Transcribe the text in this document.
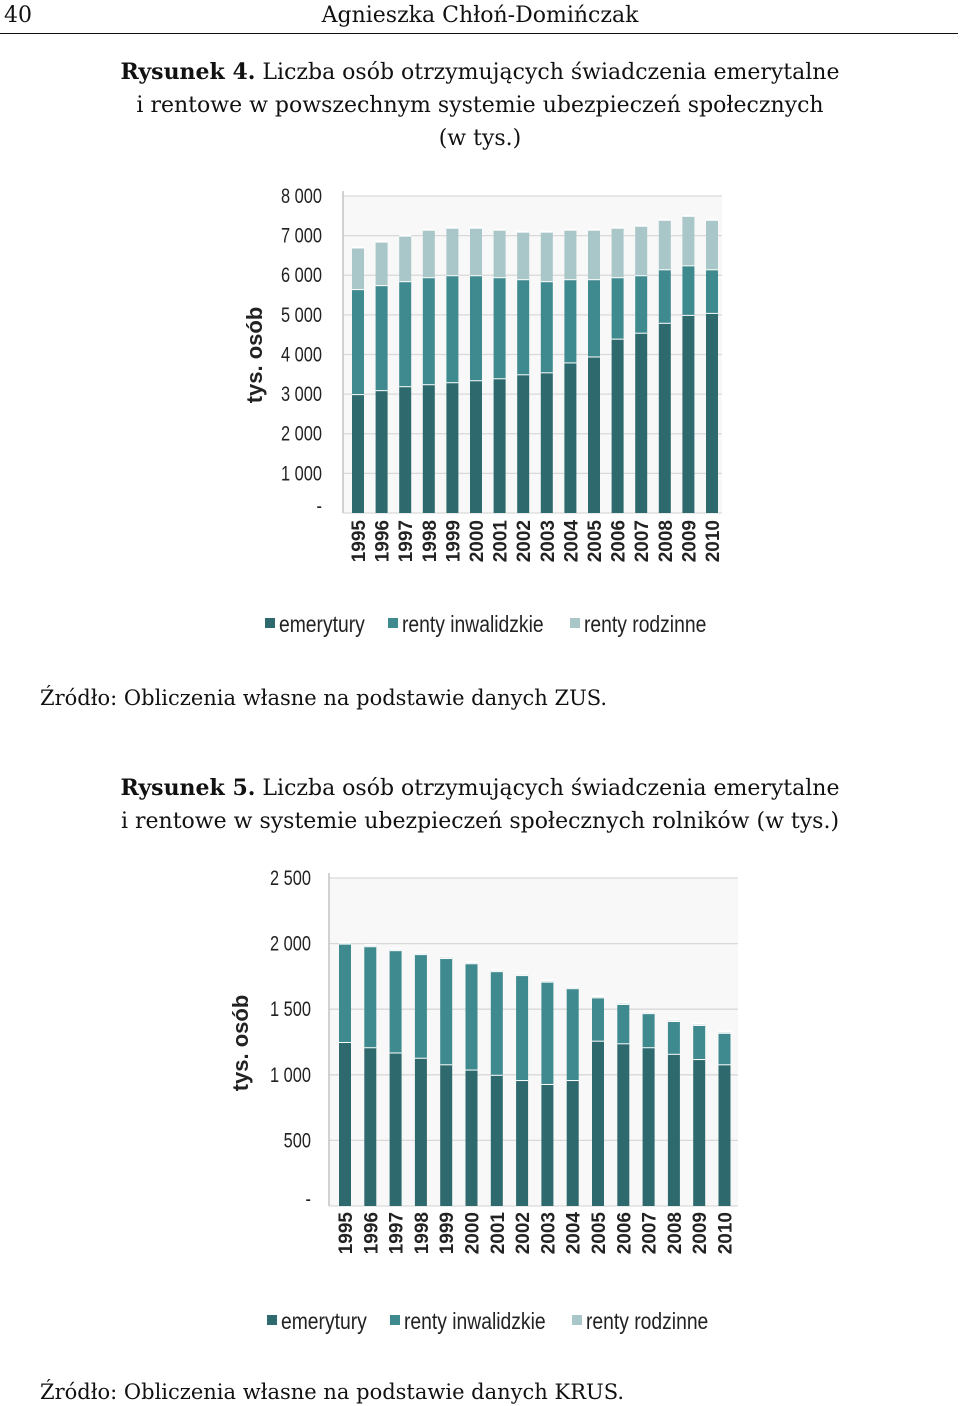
40	Agnieszka Chłoń-Domińczak
Rysunek 4. Liczba osób otrzymujących świadczenia emerytalne
i rentowe w powszechnym systemie ubezpieczeń społecznych
(w tys.)
-
1 000
2 000
3 000
4 000
5 000
6 000
7 000
8 000
tys. osób
1995 1996 1997 1998 1999 2000 2001 2002 2003 2004 2005 2006 2007 2008 2009 2010
emerytury renty inwalidzkie renty rodzinne
Źródło: Obliczenia własne na podstawie danych ZUS.
Rysunek 5. Liczba osób otrzymujących świadczenia emerytalne
i rentowe w systemie ubezpieczeń społecznych rolników (w tys.)
-
500
1 000
1 500
2 000
2 500
tys. osób
1995 1996 1997 1998 1999 2000 2001 2002 2003 2004 2005 2006 2007 2008 2009 2010
emerytury renty inwalidzkie renty rodzinne
Źródło: Obliczenia własne na podstawie danych KRUS.
